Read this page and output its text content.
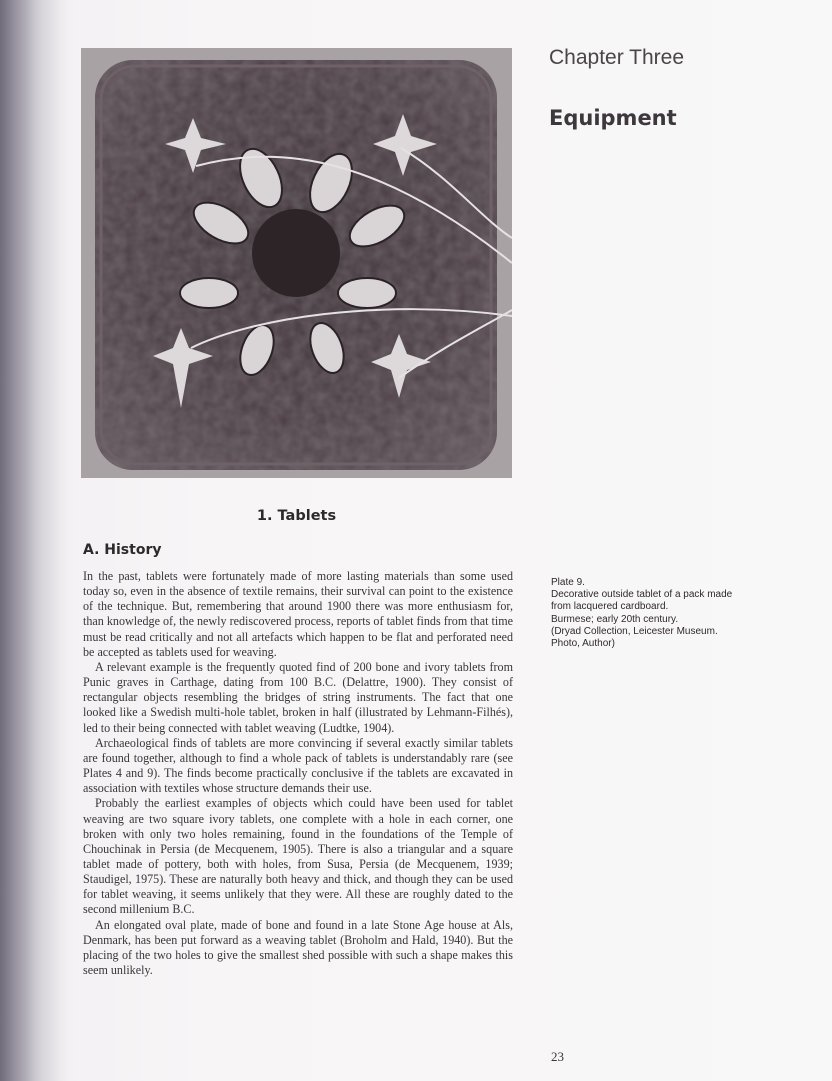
Chapter Three
Equipment
Plate 9.
Decorative outside tablet of a pack made
from lacquered cardboard.
Burmese; early 20th century.
(Dryad Collection, Leicester Museum.
Photo, Author)
1. Tablets
A. History

In the past, tablets were fortunately made of more lasting materials than some used today so, even in the absence of textile remains, their survival can point to the existence of the technique. But, remembering that around 1900 there was more enthusiasm for, than knowledge of, the newly rediscovered process, reports of tablet finds from that time must be read critically and not all artefacts which happen to be flat and perforated need be accepted as tablets used for weaving.

A relevant example is the frequently quoted find of 200 bone and ivory tablets from Punic graves in Carthage, dating from 100 B.C. (Delattre, 1900). They consist of rectangular objects resembling the bridges of string instruments. The fact that one looked like a Swedish multi-hole tablet, broken in half (illustrated by Lehmann-Filhés), led to their being connected with tablet weaving (Ludtke, 1904).

Archaeological finds of tablets are more convincing if several exactly similar tablets are found together, although to find a whole pack of tablets is understandably rare (see Plates 4 and 9). The finds become practically conclusive if the tablets are excavated in association with textiles whose structure demands their use.

Probably the earliest examples of objects which could have been used for tablet weaving are two square ivory tablets, one complete with a hole in each corner, one broken with only two holes remaining, found in the foundations of the Temple of Chouchinak in Persia (de Mecquenem, 1905). There is also a triangular and a square tablet made of pottery, both with holes, from Susa, Persia (de Mecquenem, 1939; Staudigel, 1975). These are naturally both heavy and thick, and though they can be used for tablet weaving, it seems unlikely that they were. All these are roughly dated to the second millenium B.C.

An elongated oval plate, made of bone and found in a late Stone Age house at Als, Denmark, has been put forward as a weaving tablet (Broholm and Hald, 1940). But the placing of the two holes to give the smallest shed possible with such a shape makes this seem unlikely.

23
